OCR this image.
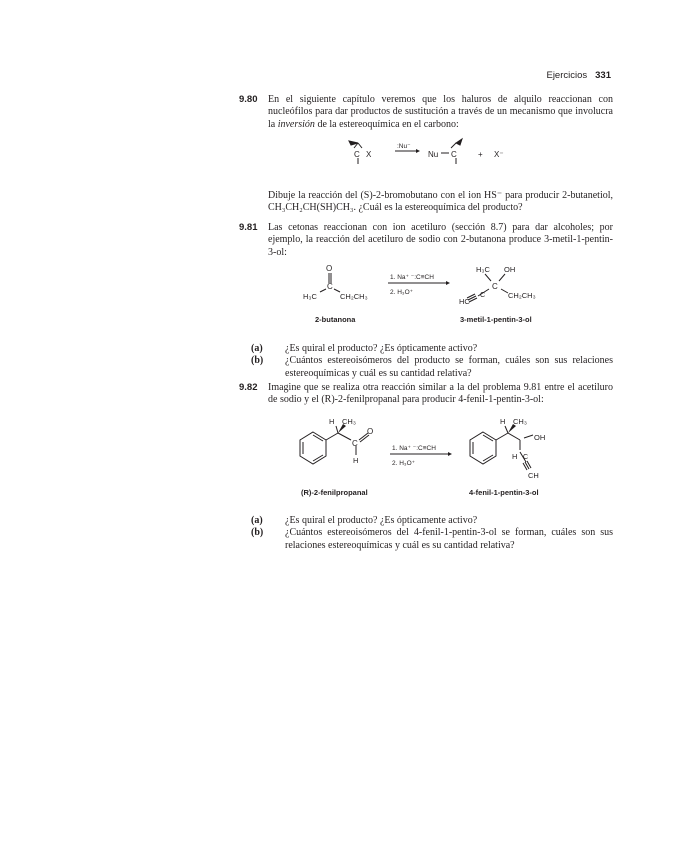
Ejercicios 331
9.80 En el siguiente capítulo veremos que los haluros de alquilo reaccionan con nucleófilos para dar productos de sustitución a través de un mecanismo que involucra la inversión de la estereoquímica en el carbono:
C X
:Nu⁻
Nu C	+ X⁻
Dibuje la reacción del (S)-2-bromobutano con el ion HS⁻ para producir 2-butanetiol, CH₃CH₂CH(SH)CH₃. ¿Cuál es la estereoquímica del producto?
9.81 Las cetonas reaccionan con ion acetiluro (sección 8.7) para dar alcoholes; por ejemplo, la reacción del acetiluro de sodio con 2-butanona produce 3-metil-1-pentin-3-ol:
O
C
H₃C	CH₂CH₃
1. Na⁺ ⁻:C≡CH
2. H₃O⁺
H₃C OH
C
CH₂CH₃
HC
C
2-butanona	3-metil-1-pentin-3-ol
(a) ¿Es quiral el producto? ¿Es ópticamente activo?
(b) ¿Cuántos estereoisómeros del producto se forman, cuáles son sus relaciones estereoquímicas y cuál es su cantidad relativa?
9.82 Imagine que se realiza otra reacción similar a la del problema 9.81 entre el acetiluro de sodio y el (R)-2-fenilpropanal para producir 4-fenil-1-pentin-3-ol:
H CH₃
C
O
H
1. Na⁺ ⁻:C≡CH
2. H₃O⁺
H CH₃
OH
H C
CH
(R)-2-fenilpropanal	4-fenil-1-pentin-3-ol
(a) ¿Es quiral el producto? ¿Es ópticamente activo?
(b) ¿Cuántos estereoisómeros del 4-fenil-1-pentin-3-ol se forman, cuáles son sus relaciones estereoquímicas y cuál es su cantidad relativa?
